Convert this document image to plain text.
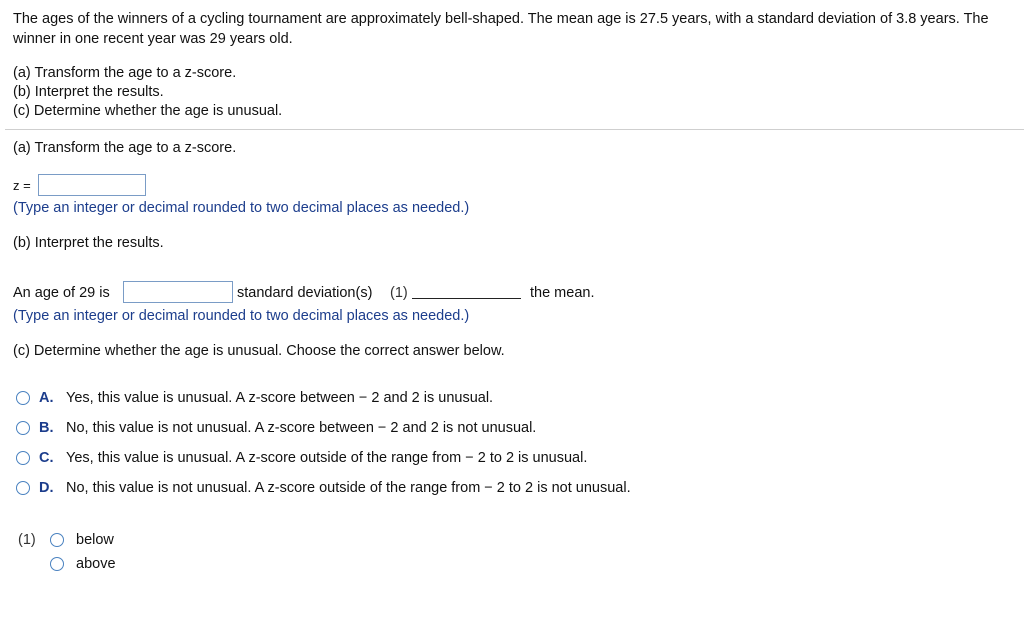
The ages of the winners of a cycling tournament are approximately bell-shaped. The mean age is 27.5 years, with a standard deviation of 3.8 years. The winner in one recent year was 29 years old.
(a) Transform the age to a z-score.
(b) Interpret the results.
(c) Determine whether the age is unusual.
(a) Transform the age to a z-score.
z =
(Type an integer or decimal rounded to two decimal places as needed.)
(b) Interpret the results.
An age of 29 is	standard deviation(s) (1)	the mean.
(Type an integer or decimal rounded to two decimal places as needed.)
(c) Determine whether the age is unusual. Choose the correct answer below.
A. Yes, this value is unusual. A z-score between − 2 and 2 is unusual.
B. No, this value is not unusual. A z-score between − 2 and 2 is not unusual.
C. Yes, this value is unusual. A z-score outside of the range from − 2 to 2 is unusual.
D. No, this value is not unusual. A z-score outside of the range from − 2 to 2 is not unusual.
(1)	below
above
